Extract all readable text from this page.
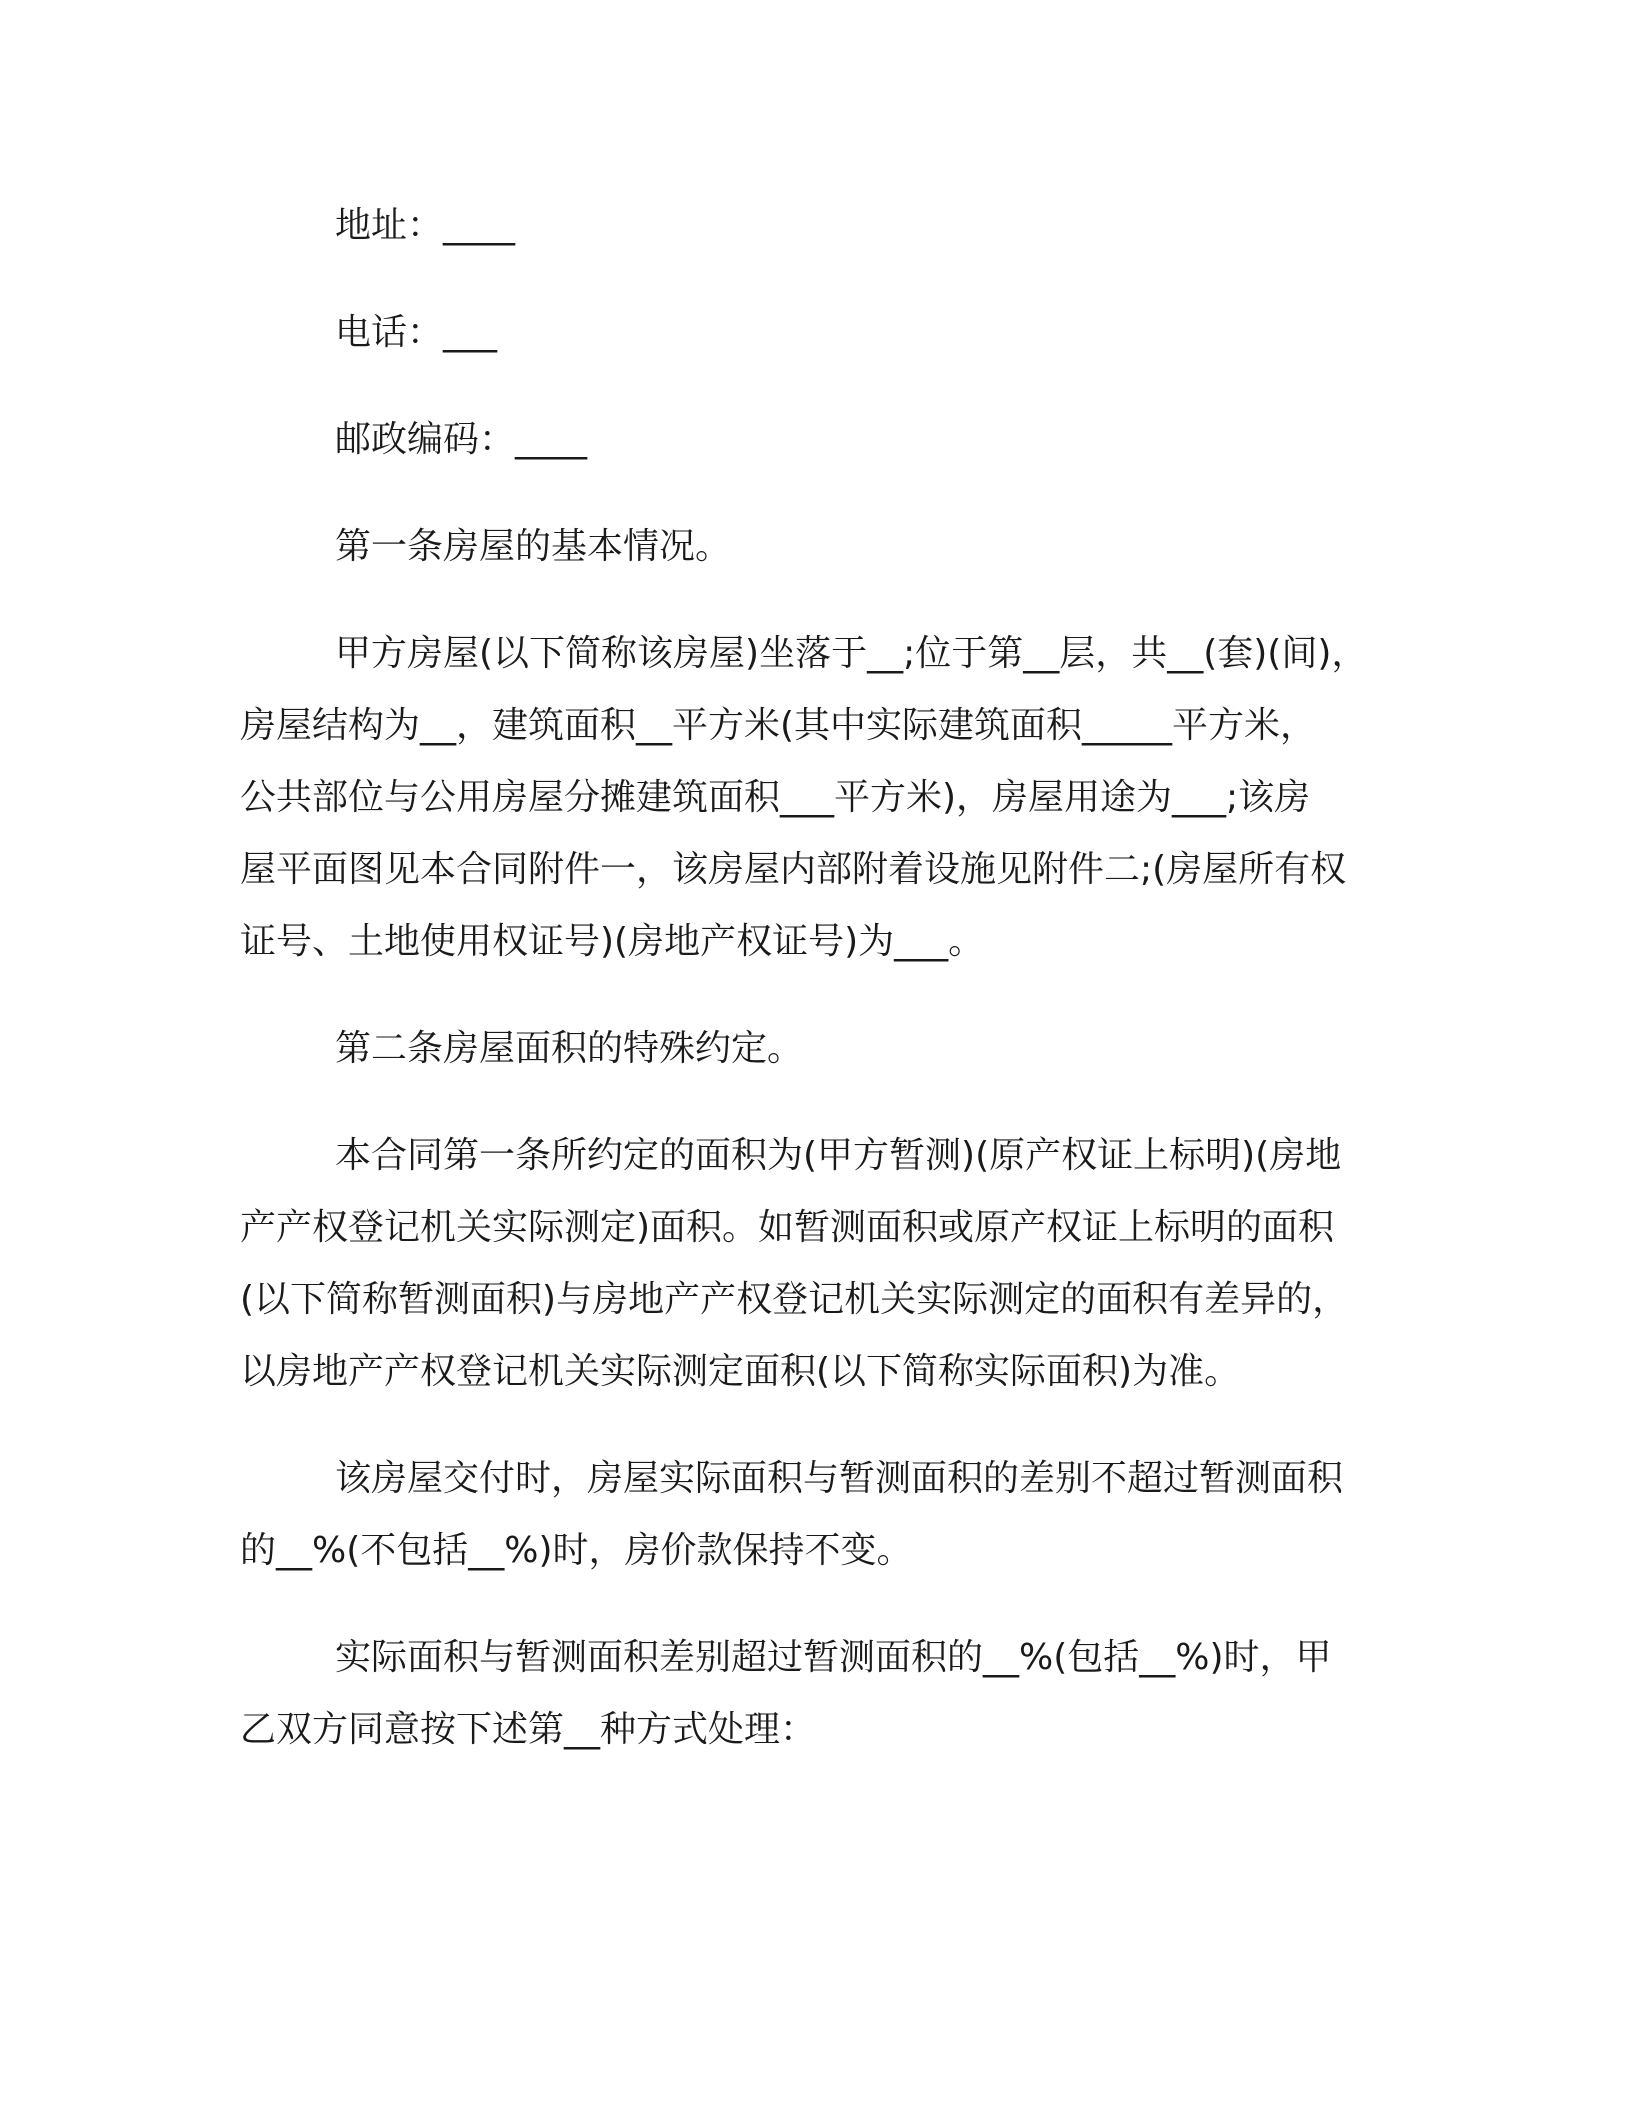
地址：____

电话：___

邮政编码：____

第一条房屋的基本情况。

甲方房屋(以下简称该房屋)坐落于__;位于第__层，共__(套)(间)，

房屋结构为__，建筑面积__平方米(其中实际建筑面积_____平方米，

公共部位与公用房屋分摊建筑面积___平方米)，房屋用途为___;该房

屋平面图见本合同附件一，该房屋内部附着设施见附件二;(房屋所有权

证号、土地使用权证号)(房地产权证号)为___。

第二条房屋面积的特殊约定。

本合同第一条所约定的面积为(甲方暂测)(原产权证上标明)(房地

产产权登记机关实际测定)面积。如暂测面积或原产权证上标明的面积

(以下简称暂测面积)与房地产产权登记机关实际测定的面积有差异的，

以房地产产权登记机关实际测定面积(以下简称实际面积)为准。

该房屋交付时，房屋实际面积与暂测面积的差别不超过暂测面积

的__%(不包括__%)时，房价款保持不变。

实际面积与暂测面积差别超过暂测面积的__%(包括__%)时，甲

乙双方同意按下述第__种方式处理：
